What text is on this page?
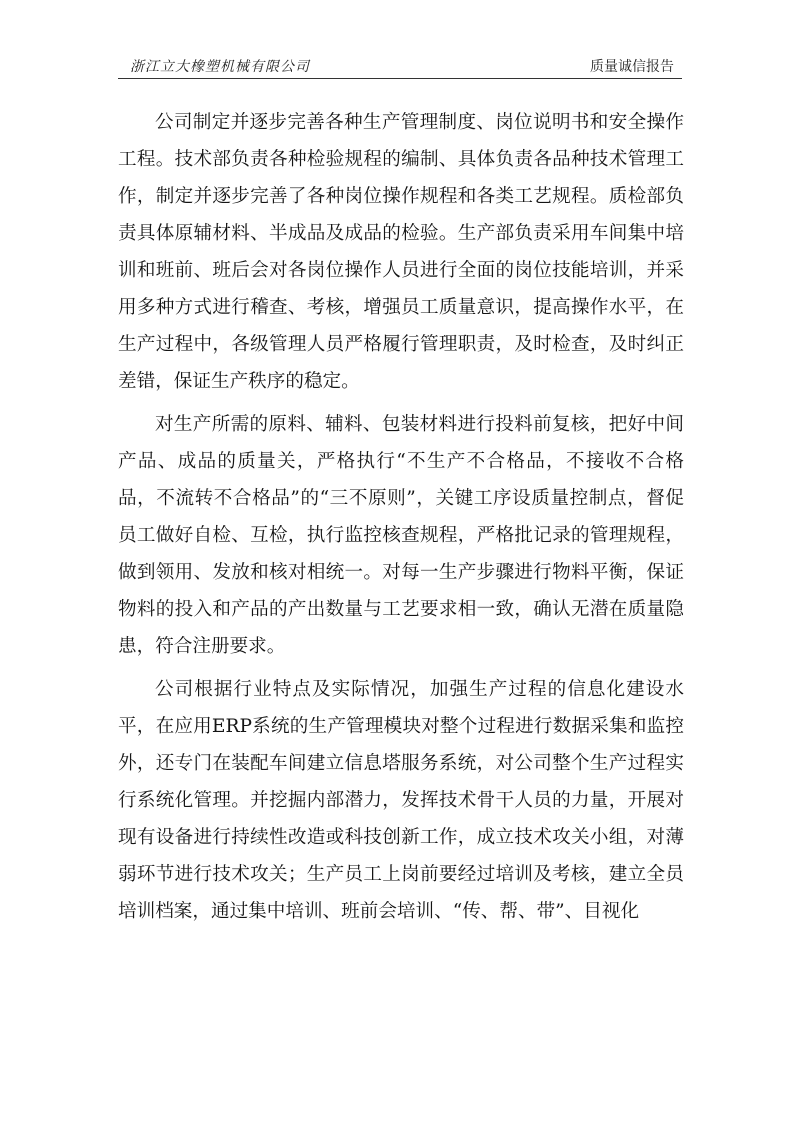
浙江立大橡塑机械有限公司	质量诚信报告

公司制定并逐步完善各种生产管理制度、岗位说明书和安全操作工程。技术部负责各种检验规程的编制、具体负责各品种技术管理工作，制定并逐步完善了各种岗位操作规程和各类工艺规程。质检部负责具体原辅材料、半成品及成品的检验。生产部负责采用车间集中培训和班前、班后会对各岗位操作人员进行全面的岗位技能培训，并采用多种方式进行稽查、考核，增强员工质量意识，提高操作水平，在生产过程中，各级管理人员严格履行管理职责，及时检查，及时纠正差错，保证生产秩序的稳定。

对生产所需的原料、辅料、包装材料进行投料前复核，把好中间产品、成品的质量关，严格执行“不生产不合格品，不接收不合格品，不流转不合格品”的“三不原则”，关键工序设质量控制点，督促员工做好自检、互检，执行监控核查规程，严格批记录的管理规程，做到领用、发放和核对相统一。对每一生产步骤进行物料平衡，保证物料的投入和产品的产出数量与工艺要求相一致，确认无潜在质量隐患，符合注册要求。

公司根据行业特点及实际情况，加强生产过程的信息化建设水平，在应用ERP系统的生产管理模块对整个过程进行数据采集和监控外，还专门在装配车间建立信息塔服务系统，对公司整个生产过程实行系统化管理。并挖掘内部潜力，发挥技术骨干人员的力量，开展对现有设备进行持续性改造或科技创新工作，成立技术攻关小组，对薄弱环节进行技术攻关；生产员工上岗前要经过培训及考核，建立全员培训档案，通过集中培训、班前会培训、“传、帮、带”、目视化
